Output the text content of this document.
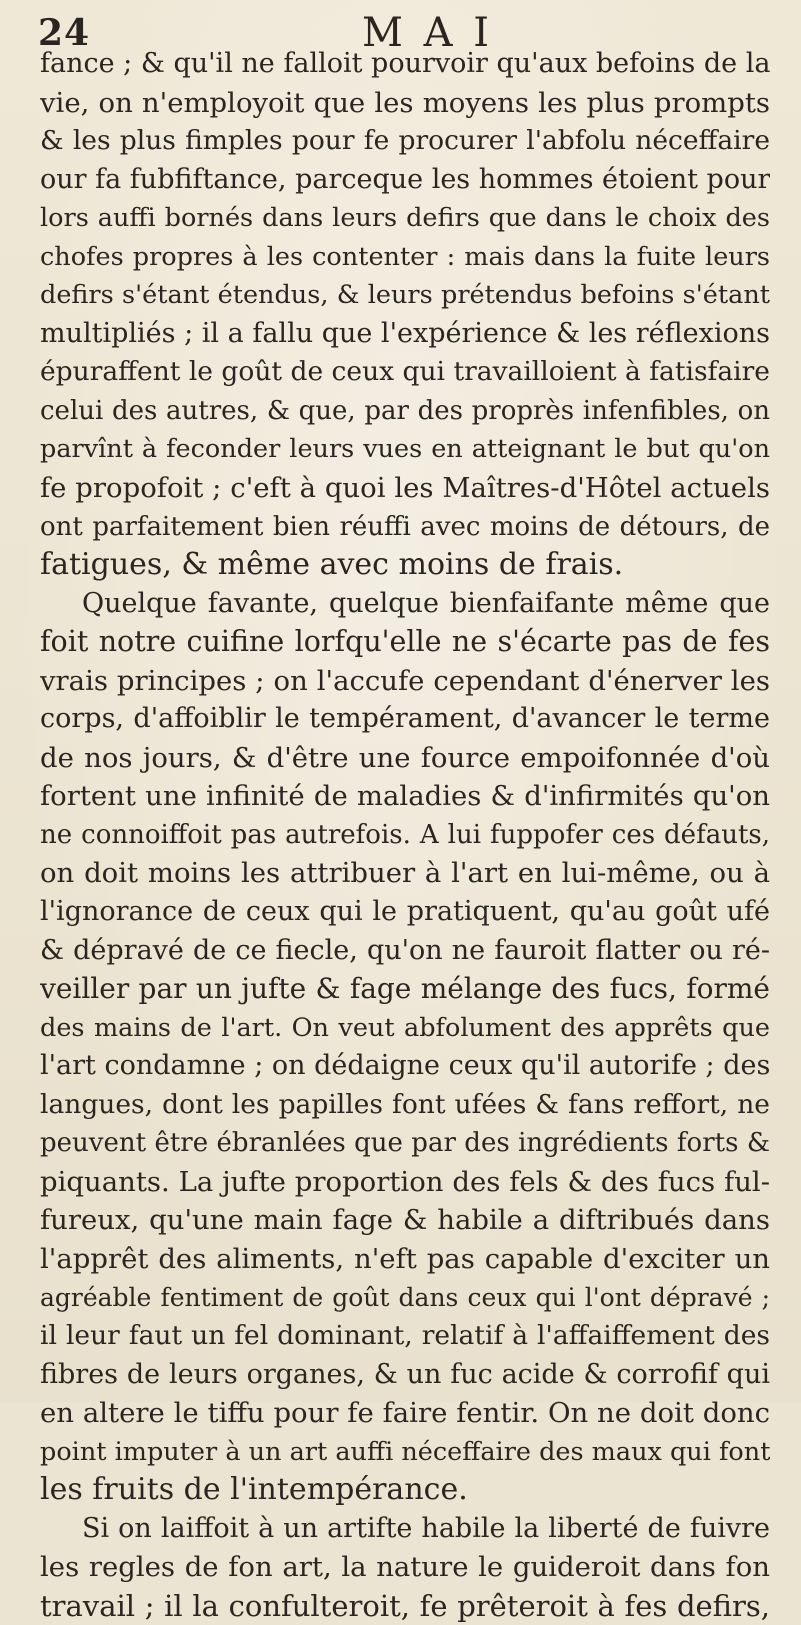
24	M A I
fance ; & qu'il ne falloit pourvoir qu'aux befoins de la
vie, on n'employoit que les moyens les plus prompts
& les plus fimples pour fe procurer l'abfolu néceffaire
our fa fubfiftance, parceque les hommes étoient pour
lors auffi bornés dans leurs defirs que dans le choix des
chofes propres à les contenter : mais dans la fuite leurs
defirs s'étant étendus, & leurs prétendus befoins s'étant
multipliés ; il a fallu que l'expérience & les réflexions
épuraffent le goût de ceux qui travailloient à fatisfaire
celui des autres, & que, par des proprès infenfibles, on
parvînt à feconder leurs vues en atteignant le but qu'on
fe propofoit ; c'eft à quoi les Maîtres-d'Hôtel actuels
ont parfaitement bien réuffi avec moins de détours, de
fatigues, & même avec moins de frais.
Quelque favante, quelque bienfaifante même que
foit notre cuifine lorfqu'elle ne s'écarte pas de fes
vrais principes ; on l'accufe cependant d'énerver les
corps, d'affoiblir le tempérament, d'avancer le terme
de nos jours, & d'être une fource empoifonnée d'où
fortent une infinité de maladies & d'infirmités qu'on
ne connoiffoit pas autrefois. A lui fuppofer ces défauts,
on doit moins les attribuer à l'art en lui-même, ou à
l'ignorance de ceux qui le pratiquent, qu'au goût ufé
& dépravé de ce fiecle, qu'on ne fauroit flatter ou ré-
veiller par un jufte & fage mélange des fucs, formé
des mains de l'art. On veut abfolument des apprêts que
l'art condamne ; on dédaigne ceux qu'il autorife ; des
langues, dont les papilles font ufées & fans reffort, ne
peuvent être ébranlées que par des ingrédients forts &
piquants. La jufte proportion des fels & des fucs ful-
fureux, qu'une main fage & habile a diftribués dans
l'apprêt des aliments, n'eft pas capable d'exciter un
agréable fentiment de goût dans ceux qui l'ont dépravé ;
il leur faut un fel dominant, relatif à l'affaiffement des
fibres de leurs organes, & un fuc acide & corrofif qui
en altere le tiffu pour fe faire fentir. On ne doit donc
point imputer à un art auffi néceffaire des maux qui font
les fruits de l'intempérance.
Si on laiffoit à un artifte habile la liberté de fuivre
les regles de fon art, la nature le guideroit dans fon
travail ; il la confulteroit, fe prêteroit à fes defirs,
